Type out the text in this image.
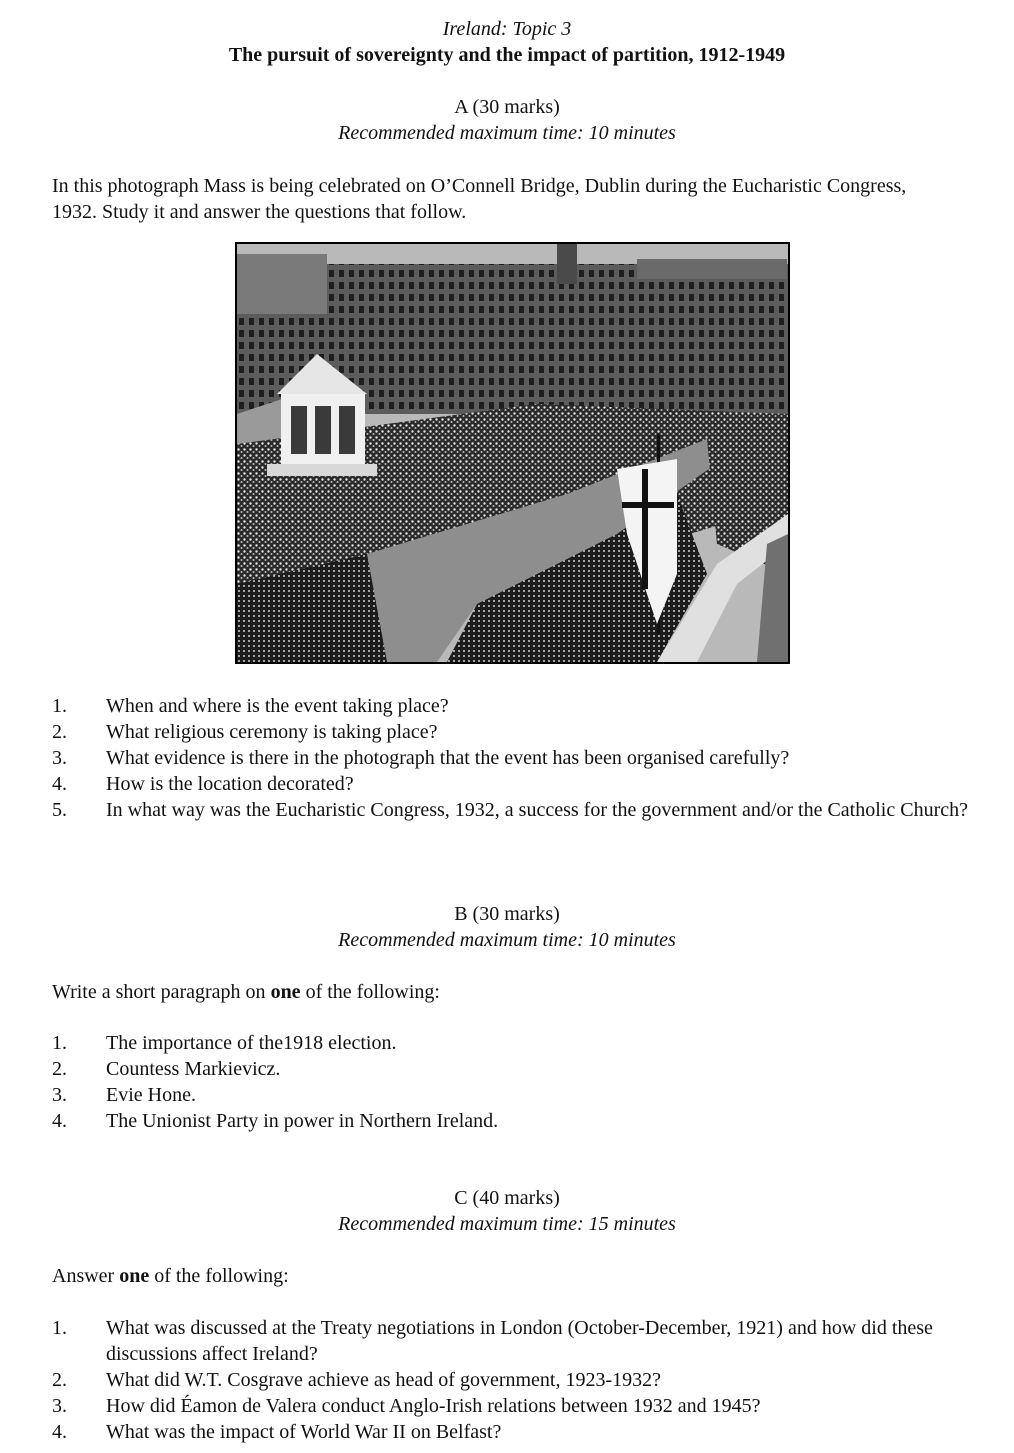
Ireland: Topic 3
The pursuit of sovereignty and the impact of partition, 1912-1949
A (30 marks)
Recommended maximum time: 10 minutes
In this photograph Mass is being celebrated on O’Connell Bridge, Dublin during the Eucharistic Congress, 1932. Study it and answer the questions that follow.
1. When and where is the event taking place?
2. What religious ceremony is taking place?
3. What evidence is there in the photograph that the event has been organised carefully?
4. How is the location decorated?
5. In what way was the Eucharistic Congress, 1932, a success for the government and/or the Catholic Church?
B (30 marks)
Recommended maximum time: 10 minutes
Write a short paragraph on one of the following:
1. The importance of the1918 election.
2. Countess Markievicz.
3. Evie Hone.
4. The Unionist Party in power in Northern Ireland.
C (40 marks)
Recommended maximum time: 15 minutes
Answer one of the following:
1. What was discussed at the Treaty negotiations in London (October-December, 1921) and how did these discussions affect Ireland?
2. What did W.T. Cosgrave achieve as head of government, 1923-1932?
3. How did Éamon de Valera conduct Anglo-Irish relations between 1932 and 1945?
4. What was the impact of World War II on Belfast?
